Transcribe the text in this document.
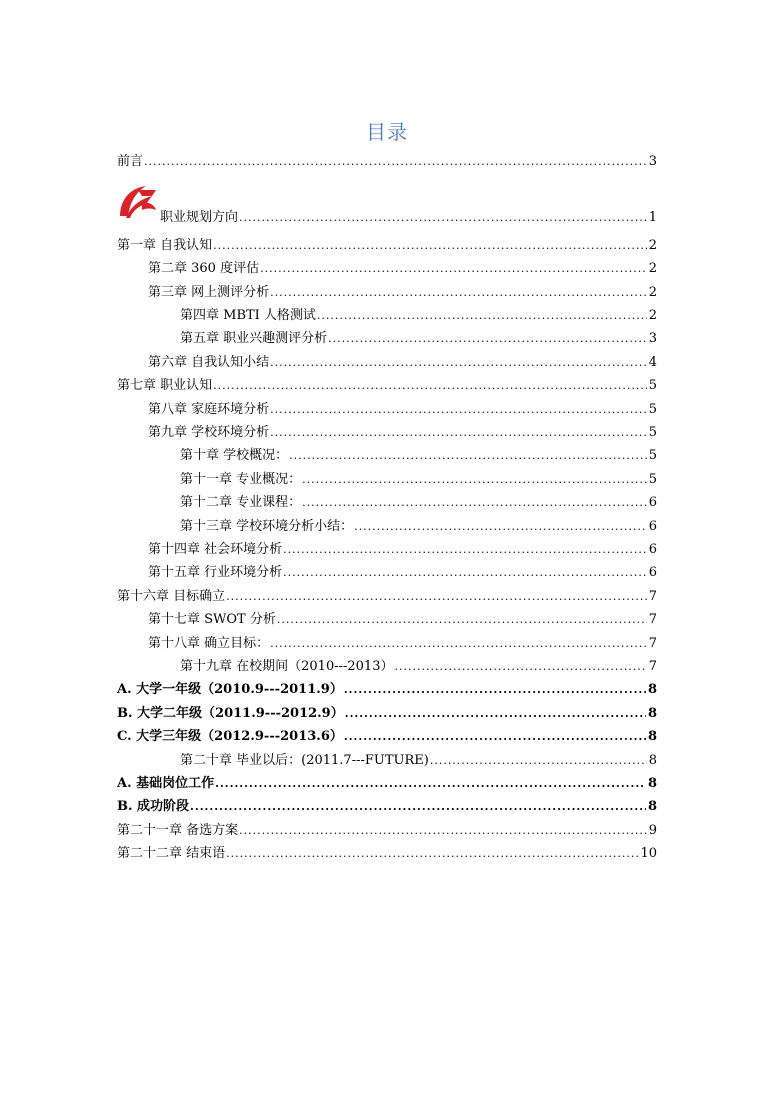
目录
前言 .....	3
职业规划方向 .....	1
第一章 自我认知 .....	2
第二章 360 度评估 .....	2
第三章 网上测评分析 .....	2
第四章 MBTI 人格测试 .....	2
第五章 职业兴趣测评分析 .....	3
第六章 自我认知小结 .....	4
第七章 职业认知 .....	5
第八章 家庭环境分析 .....	5
第九章 学校环境分析 .....	5
第十章 学校概况： .....	5
第十一章 专业概况： .....	5
第十二章 专业课程： .....	6
第十三章 学校环境分析小结： .....	6
第十四章 社会环境分析 .....	6
第十五章 行业环境分析 .....	6
第十六章 目标确立 .....	7
第十七章 SWOT 分析 .....	7
第十八章 确立目标： .....	7
第十九章 在校期间（2010---2013） .....	7
A. 大学一年级（2010.9---2011.9） .....	8
B. 大学二年级（2011.9---2012.9） .....	8
C. 大学三年级（2012.9---2013.6） .....	8
第二十章 毕业以后：(2011.7---FUTURE) .....	8
A. 基础岗位工作 .....	8
B. 成功阶段 .....	8
第二十一章 备选方案 .....	9
第二十二章 结束语 .....	10
